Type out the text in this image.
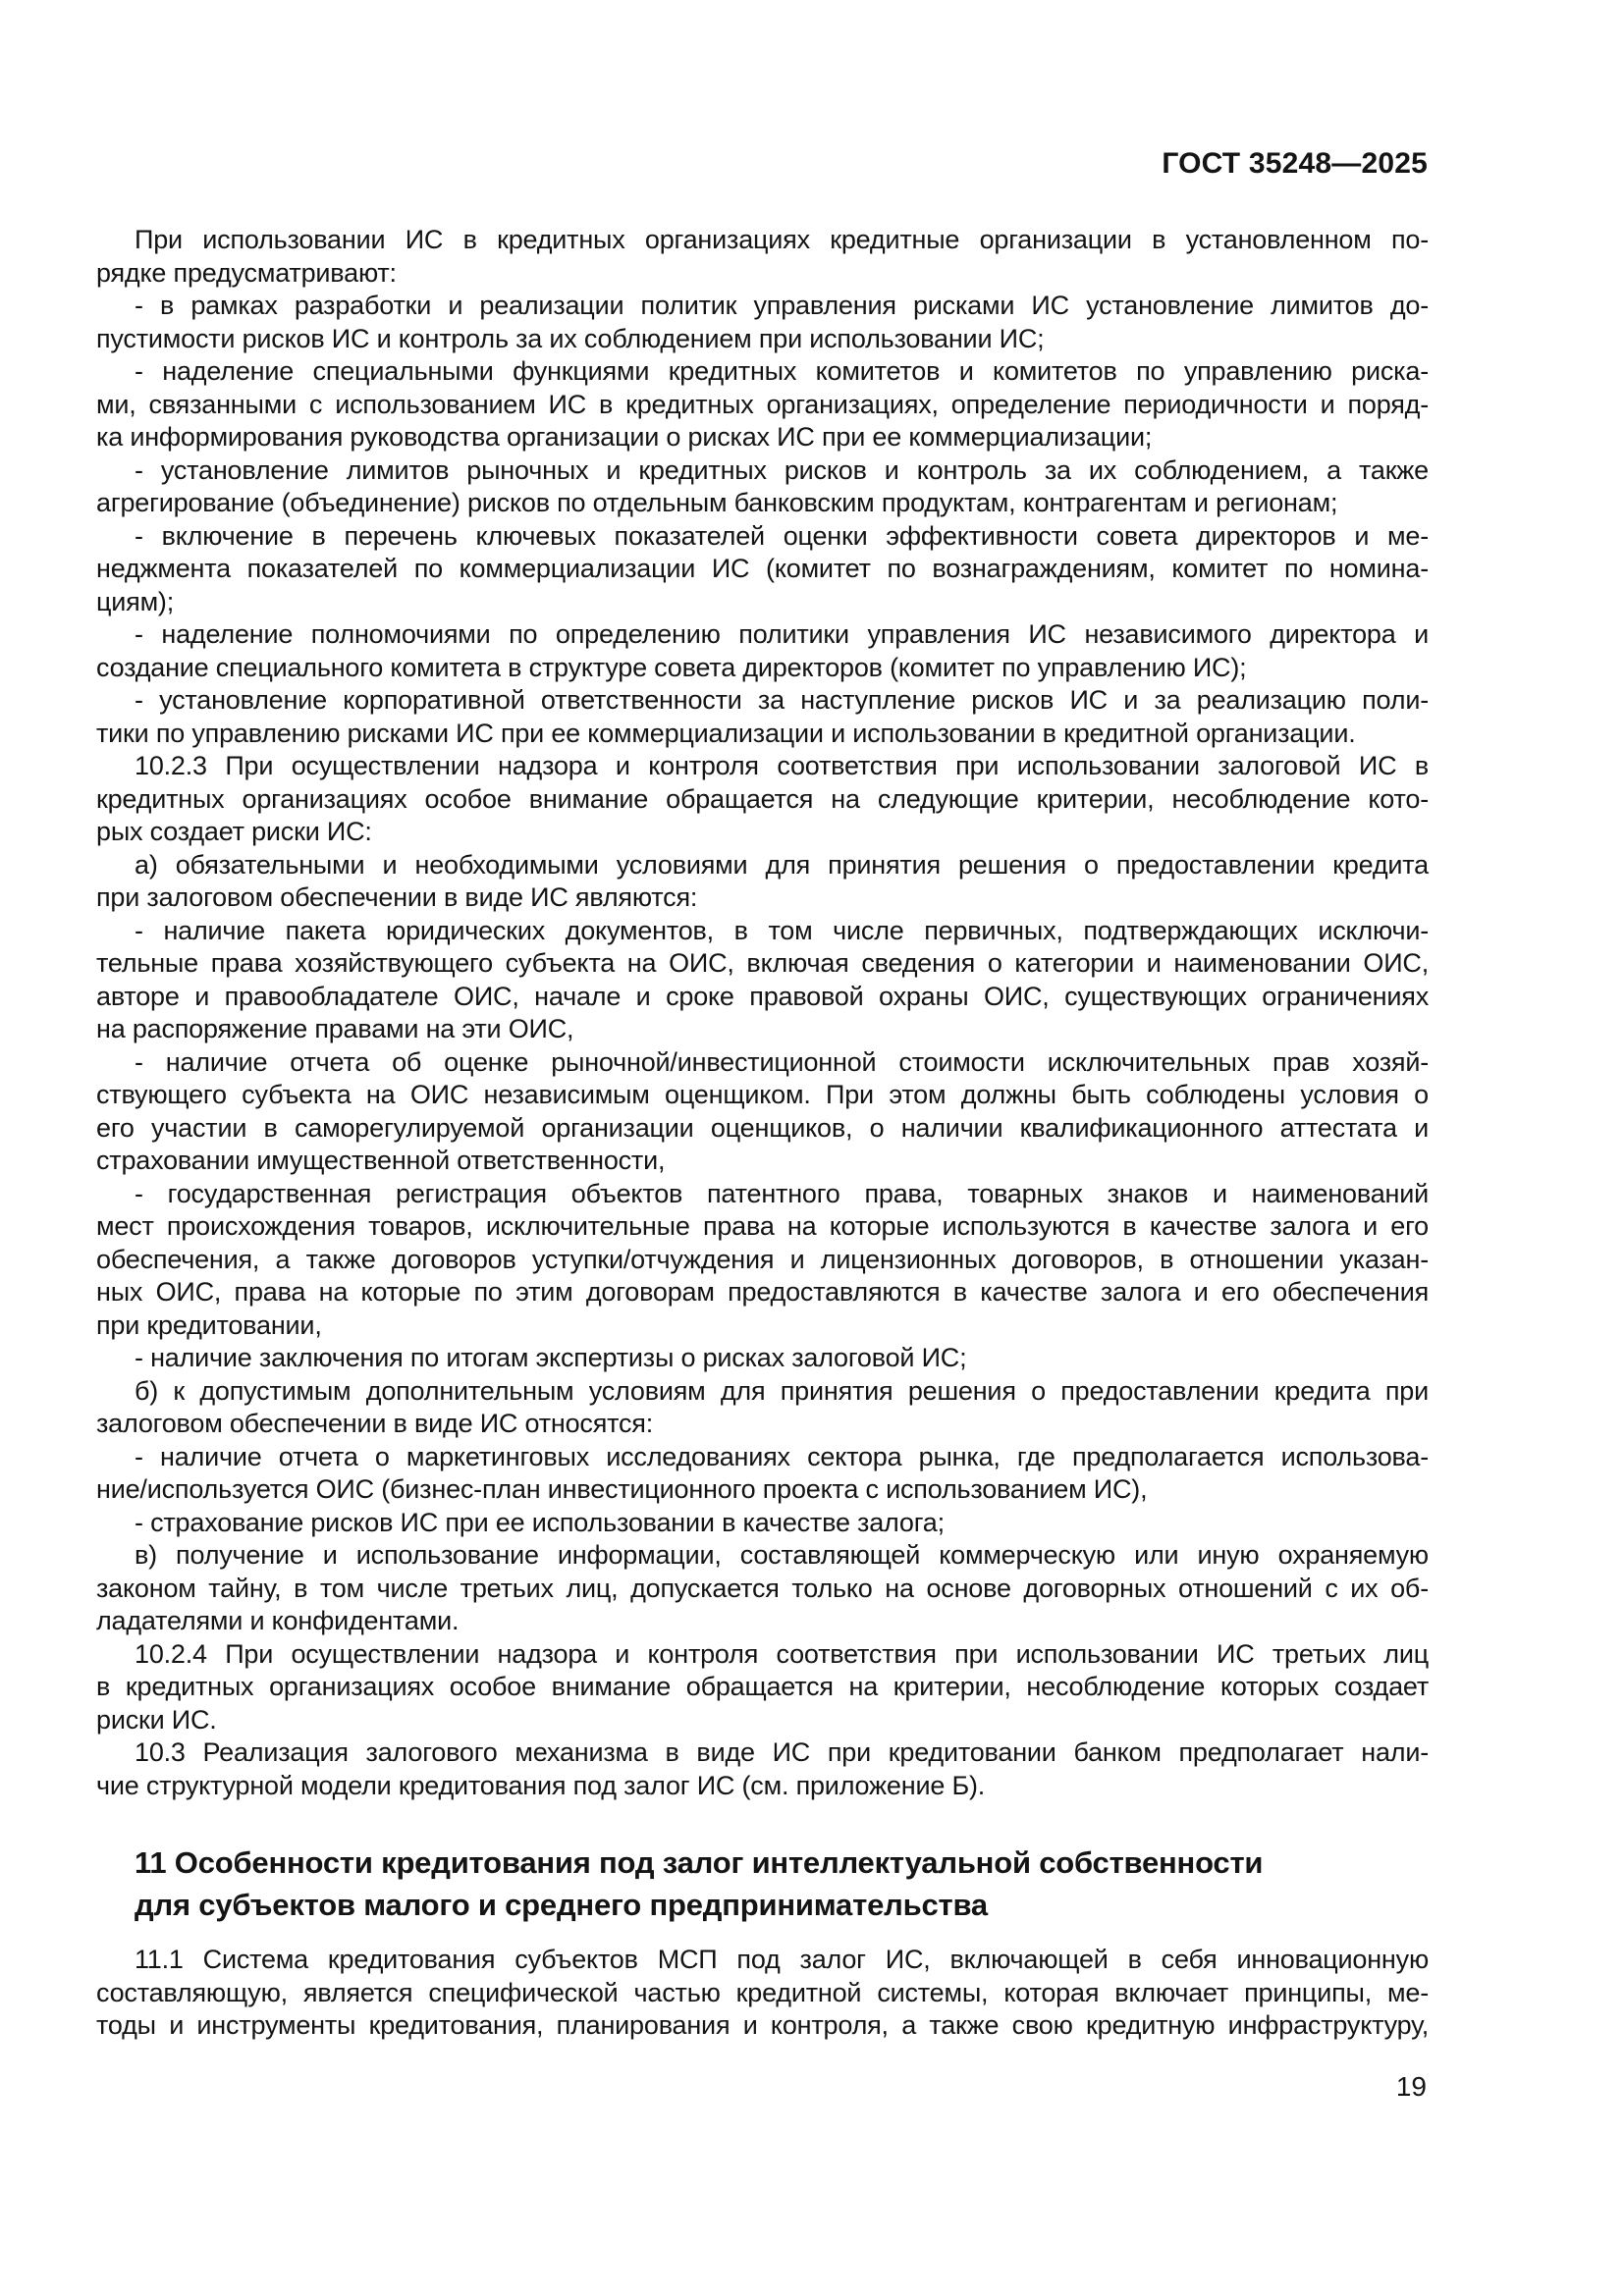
ГОСТ 35248—2025
При использовании ИС в кредитных организациях кредитные организации в установленном по-
рядке предусматривают:
- в рамках разработки и реализации политик управления рисками ИС установление лимитов до-
пустимости рисков ИС и контроль за их соблюдением при использовании ИС;
- наделение специальными функциями кредитных комитетов и комитетов по управлению риска-
ми, связанными с использованием ИС в кредитных организациях, определение периодичности и поряд-
ка информирования руководства организации о рисках ИС при ее коммерциализации;
- установление лимитов рыночных и кредитных рисков и контроль за их соблюдением, а также
агрегирование (объединение) рисков по отдельным банковским продуктам, контрагентам и регионам;
- включение в перечень ключевых показателей оценки эффективности совета директоров и ме-
неджмента показателей по коммерциализации ИС (комитет по вознаграждениям, комитет по номина-
циям);
- наделение полномочиями по определению политики управления ИС независимого директора и
создание специального комитета в структуре совета директоров (комитет по управлению ИС);
- установление корпоративной ответственности за наступление рисков ИС и за реализацию поли-
тики по управлению рисками ИС при ее коммерциализации и использовании в кредитной организации.
10.2.3 При осуществлении надзора и контроля соответствия при использовании залоговой ИС в
кредитных организациях особое внимание обращается на следующие критерии, несоблюдение кото-
рых создает риски ИС:
а) обязательными и необходимыми условиями для принятия решения о предоставлении кредита
при залоговом обеспечении в виде ИС являются:
- наличие пакета юридических документов, в том числе первичных, подтверждающих исключи-
тельные права хозяйствующего субъекта на ОИС, включая сведения о категории и наименовании ОИС,
авторе и правообладателе ОИС, начале и сроке правовой охраны ОИС, существующих ограничениях
на распоряжение правами на эти ОИС,
- наличие отчета об оценке рыночной/инвестиционной стоимости исключительных прав хозяй-
ствующего субъекта на ОИС независимым оценщиком. При этом должны быть соблюдены условия о
его участии в саморегулируемой организации оценщиков, о наличии квалификационного аттестата и
страховании имущественной ответственности,
- государственная регистрация объектов патентного права, товарных знаков и наименований
мест происхождения товаров, исключительные права на которые используются в качестве залога и его
обеспечения, а также договоров уступки/отчуждения и лицензионных договоров, в отношении указан-
ных ОИС, права на которые по этим договорам предоставляются в качестве залога и его обеспечения
при кредитовании,
- наличие заключения по итогам экспертизы о рисках залоговой ИС;
б) к допустимым дополнительным условиям для принятия решения о предоставлении кредита при
залоговом обеспечении в виде ИС относятся:
- наличие отчета о маркетинговых исследованиях сектора рынка, где предполагается использова-
ние/используется ОИС (бизнес-план инвестиционного проекта с использованием ИС),
- страхование рисков ИС при ее использовании в качестве залога;
в) получение и использование информации, составляющей коммерческую или иную охраняемую
законом тайну, в том числе третьих лиц, допускается только на основе договорных отношений с их об-
ладателями и конфидентами.
10.2.4 При осуществлении надзора и контроля соответствия при использовании ИС третьих лиц
в кредитных организациях особое внимание обращается на критерии, несоблюдение которых создает
риски ИС.
10.3 Реализация залогового механизма в виде ИС при кредитовании банком предполагает нали-
чие структурной модели кредитования под залог ИС (см. приложение Б).
11 Особенности кредитования под залог интеллектуальной собственности
для субъектов малого и среднего предпринимательства
11.1 Система кредитования субъектов МСП под залог ИС, включающей в себя инновационную
составляющую, является специфической частью кредитной системы, которая включает принципы, ме-
тоды и инструменты кредитования, планирования и контроля, а также свою кредитную инфраструктуру,
19
